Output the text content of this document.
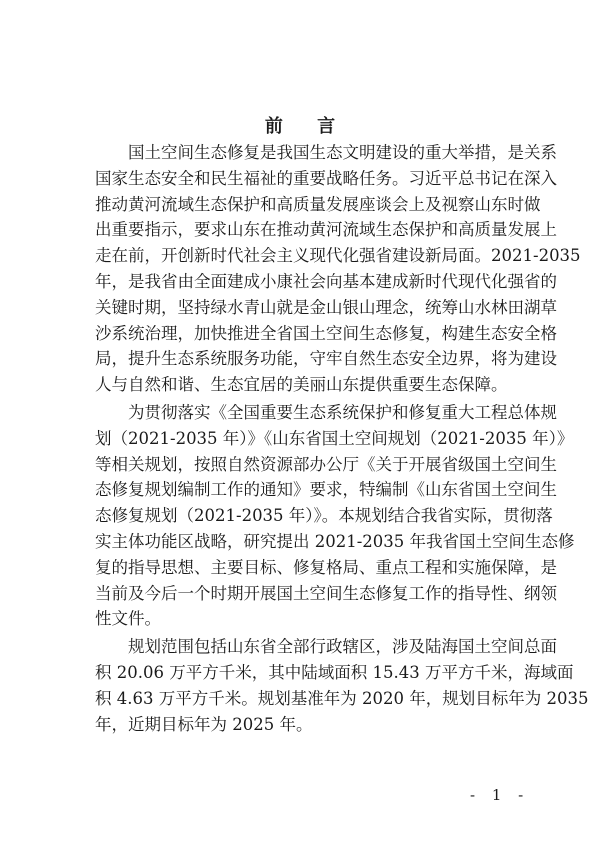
前 言
国土空间生态修复是我国生态文明建设的重大举措，是关系
国家生态安全和民生福祉的重要战略任务。习近平总书记在深入
推动黄河流域生态保护和高质量发展座谈会上及视察山东时做
出重要指示，要求山东在推动黄河流域生态保护和高质量发展上
走在前，开创新时代社会主义现代化强省建设新局面。2021-2035
年，是我省由全面建成小康社会向基本建成新时代现代化强省的
关键时期，坚持绿水青山就是金山银山理念，统筹山水林田湖草
沙系统治理，加快推进全省国土空间生态修复，构建生态安全格
局，提升生态系统服务功能，守牢自然生态安全边界，将为建设
人与自然和谐、生态宜居的美丽山东提供重要生态保障。
为贯彻落实《全国重要生态系统保护和修复重大工程总体规
划（2021-2035 年）》《山东省国土空间规划（2021-2035 年）》
等相关规划，按照自然资源部办公厅《关于开展省级国土空间生
态修复规划编制工作的通知》要求，特编制《山东省国土空间生
态修复规划（2021-2035 年）》。本规划结合我省实际，贯彻落
实主体功能区战略，研究提出 2021-2035 年我省国土空间生态修
复的指导思想、主要目标、修复格局、重点工程和实施保障，是
当前及今后一个时期开展国土空间生态修复工作的指导性、纲领
性文件。
规划范围包括山东省全部行政辖区，涉及陆海国土空间总面
积 20.06 万平方千米，其中陆域面积 15.43 万平方千米，海域面
积 4.63 万平方千米。规划基准年为 2020 年，规划目标年为 2035
年，近期目标年为 2025 年。
- 1 -
